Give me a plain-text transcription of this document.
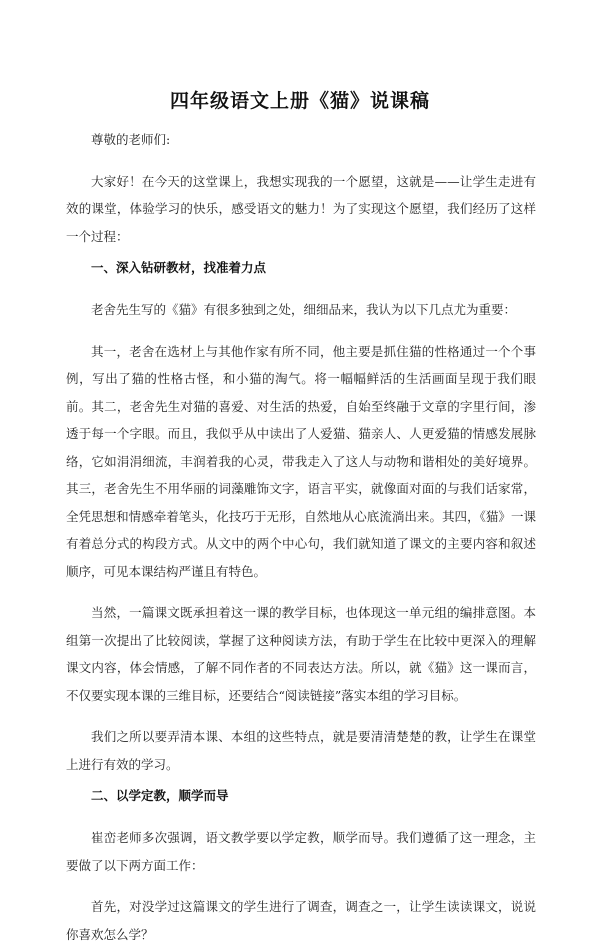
四年级语文上册《猫》说课稿

尊敬的老师们:

大家好！在今天的这堂课上，我想实现我的一个愿望，这就是——让学生走进有效的课堂，体验学习的快乐，感受语文的魅力！为了实现这个愿望，我们经历了这样一个过程：

一、深入钻研教材，找准着力点

老舍先生写的《猫》有很多独到之处，细细品来，我认为以下几点尤为重要：

其一，老舍在选材上与其他作家有所不同，他主要是抓住猫的性格通过一个个事例，写出了猫的性格古怪，和小猫的淘气。将一幅幅鲜活的生活画面呈现于我们眼前。其二，老舍先生对猫的喜爱、对生活的热爱，自始至终融于文章的字里行间，渗透于每一个字眼。而且，我似乎从中读出了人爱猫、猫亲人、人更爱猫的情感发展脉络，它如涓涓细流，丰润着我的心灵，带我走入了这人与动物和谐相处的美好境界。其三，老舍先生不用华丽的词藻雕饰文字，语言平实，就像面对面的与我们话家常，全凭思想和情感牵着笔头，化技巧于无形，自然地从心底流淌出来。其四，《猫》一课有着总分式的构段方式。从文中的两个中心句，我们就知道了课文的主要内容和叙述顺序，可见本课结构严谨且有特色。

当然，一篇课文既承担着这一课的教学目标，也体现这一单元组的编排意图。本组第一次提出了比较阅读，掌握了这种阅读方法，有助于学生在比较中更深入的理解课文内容，体会情感，了解不同作者的不同表达方法。所以，就《猫》这一课而言，不仅要实现本课的三维目标，还要结合“阅读链接”落实本组的学习目标。

我们之所以要弄清本课、本组的这些特点，就是要清清楚楚的教，让学生在课堂上进行有效的学习。

二、以学定教，顺学而导

崔峦老师多次强调，语文教学要以学定教，顺学而导。我们遵循了这一理念，主要做了以下两方面工作：

首先，对没学过这篇课文的学生进行了调查，调查之一，让学生读读课文，说说你喜欢怎么学？
